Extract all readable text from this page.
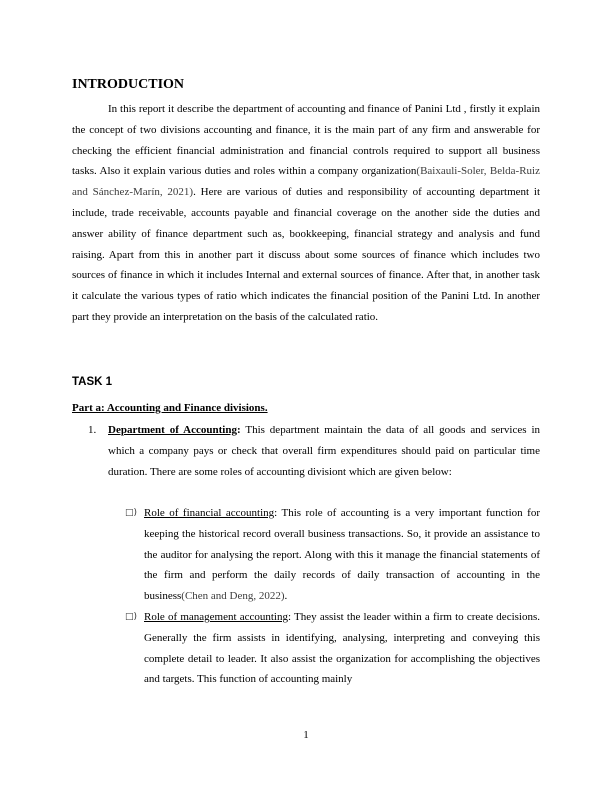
INTRODUCTION

In this report it describe the department of accounting and finance of Panini Ltd , firstly it explain the concept of two divisions accounting and finance, it is the main part of any firm and answerable for checking the efficient financial administration and financial controls required to support all business tasks. Also it explain various duties and roles within a company organization(Baixauli-Soler, Belda-Ruiz and Sánchez-Marín, 2021). Here are various of duties and responsibility of accounting department it include, trade receivable, accounts payable and financial coverage on the another side the duties and answer ability of finance department such as, bookkeeping, financial strategy and analysis and fund raising. Apart from this in another part it discuss about some sources of finance which includes two sources of finance in which it includes Internal and external sources of finance. After that, in another task it calculate the various types of ratio which indicates the financial position of the Panini Ltd. In another part they provide an interpretation on the basis of the calculated ratio.

TASK 1
Part a: Accounting and Finance divisions.
1. Department of Accounting: This department maintain the data of all goods and services in which a company pays or check that overall firm expenditures should paid on particular time duration. There are some roles of accounting divisiont which are given below:

□) Role of financial accounting: This role of accounting is a very important function for keeping the historical record overall business transactions. So, it provide an assistance to the auditor for analysing the report. Along with this it manage the financial statements of the firm and perform the daily records of daily transaction of accounting in the business(Chen and Deng, 2022).

□) Role of management accounting: They assist the leader within a firm to create decisions. Generally the firm assists in identifying, analysing, interpreting and conveying this complete detail to leader. It also assist the organization for accomplishing the objectives and targets. This function of accounting mainly

1
